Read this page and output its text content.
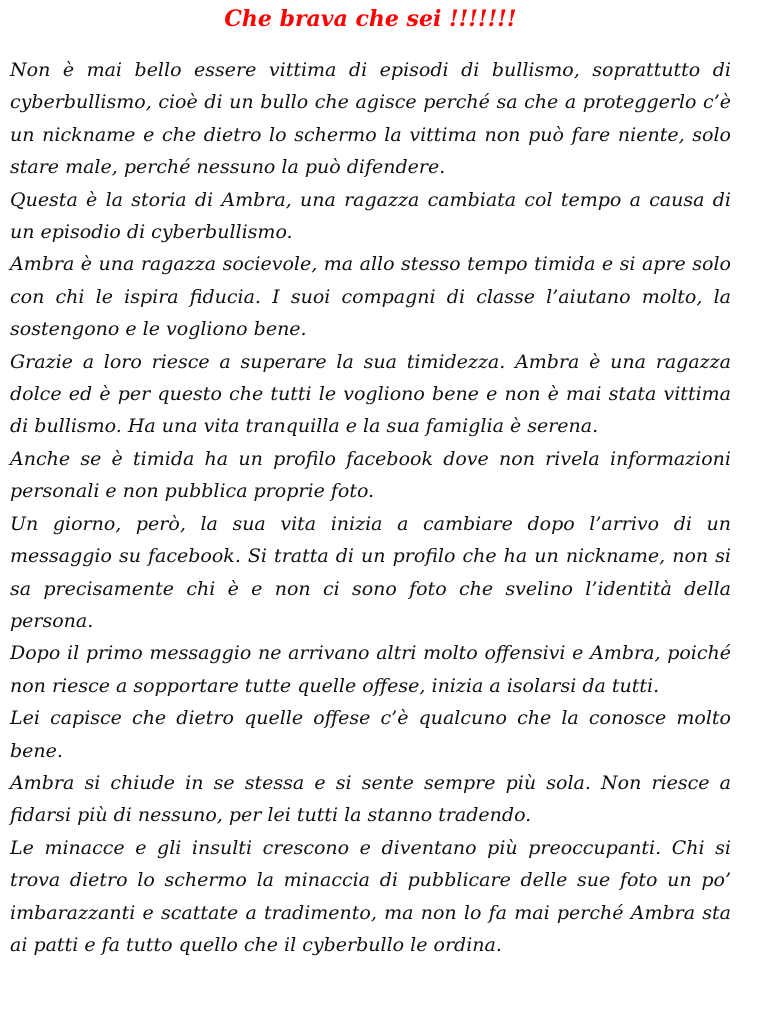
Che brava che sei !!!!!!!

Non è mai bello essere vittima di episodi di bullismo, soprattutto di cyberbullismo, cioè di un bullo che agisce perché sa che a proteggerlo c’è un nickname e che dietro lo schermo la vittima non può fare niente, solo stare male, perché nessuno la può difendere.

Questa è la storia di Ambra, una ragazza cambiata col tempo a causa di un episodio di cyberbullismo.

Ambra è una ragazza socievole, ma allo stesso tempo timida e si apre solo con chi le ispira fiducia. I suoi compagni di classe l’aiutano molto, la sostengono e le vogliono bene.

Grazie a loro riesce a superare la sua timidezza. Ambra è una ragazza dolce ed è per questo che tutti le vogliono bene e non è mai stata vittima di bullismo. Ha una vita tranquilla e la sua famiglia è serena.

Anche se è timida ha un profilo facebook dove non rivela informazioni personali e non pubblica proprie foto.

Un giorno, però, la sua vita inizia a cambiare dopo l’arrivo di un messaggio su facebook. Si tratta di un profilo che ha un nickname, non si sa precisamente chi è e non ci sono foto che svelino l’identità della persona.

Dopo il primo messaggio ne arrivano altri molto offensivi e Ambra, poiché non riesce a sopportare tutte quelle offese, inizia a isolarsi da tutti.

Lei capisce che dietro quelle offese c’è qualcuno che la conosce molto bene.

Ambra si chiude in se stessa e si sente sempre più sola. Non riesce a fidarsi più di nessuno, per lei tutti la stanno tradendo.

Le minacce e gli insulti crescono e diventano più preoccupanti. Chi si trova dietro lo schermo la minaccia di pubblicare delle sue foto un po’ imbarazzanti e scattate a tradimento, ma non lo fa mai perché Ambra sta ai patti e fa tutto quello che il cyberbullo le ordina.
